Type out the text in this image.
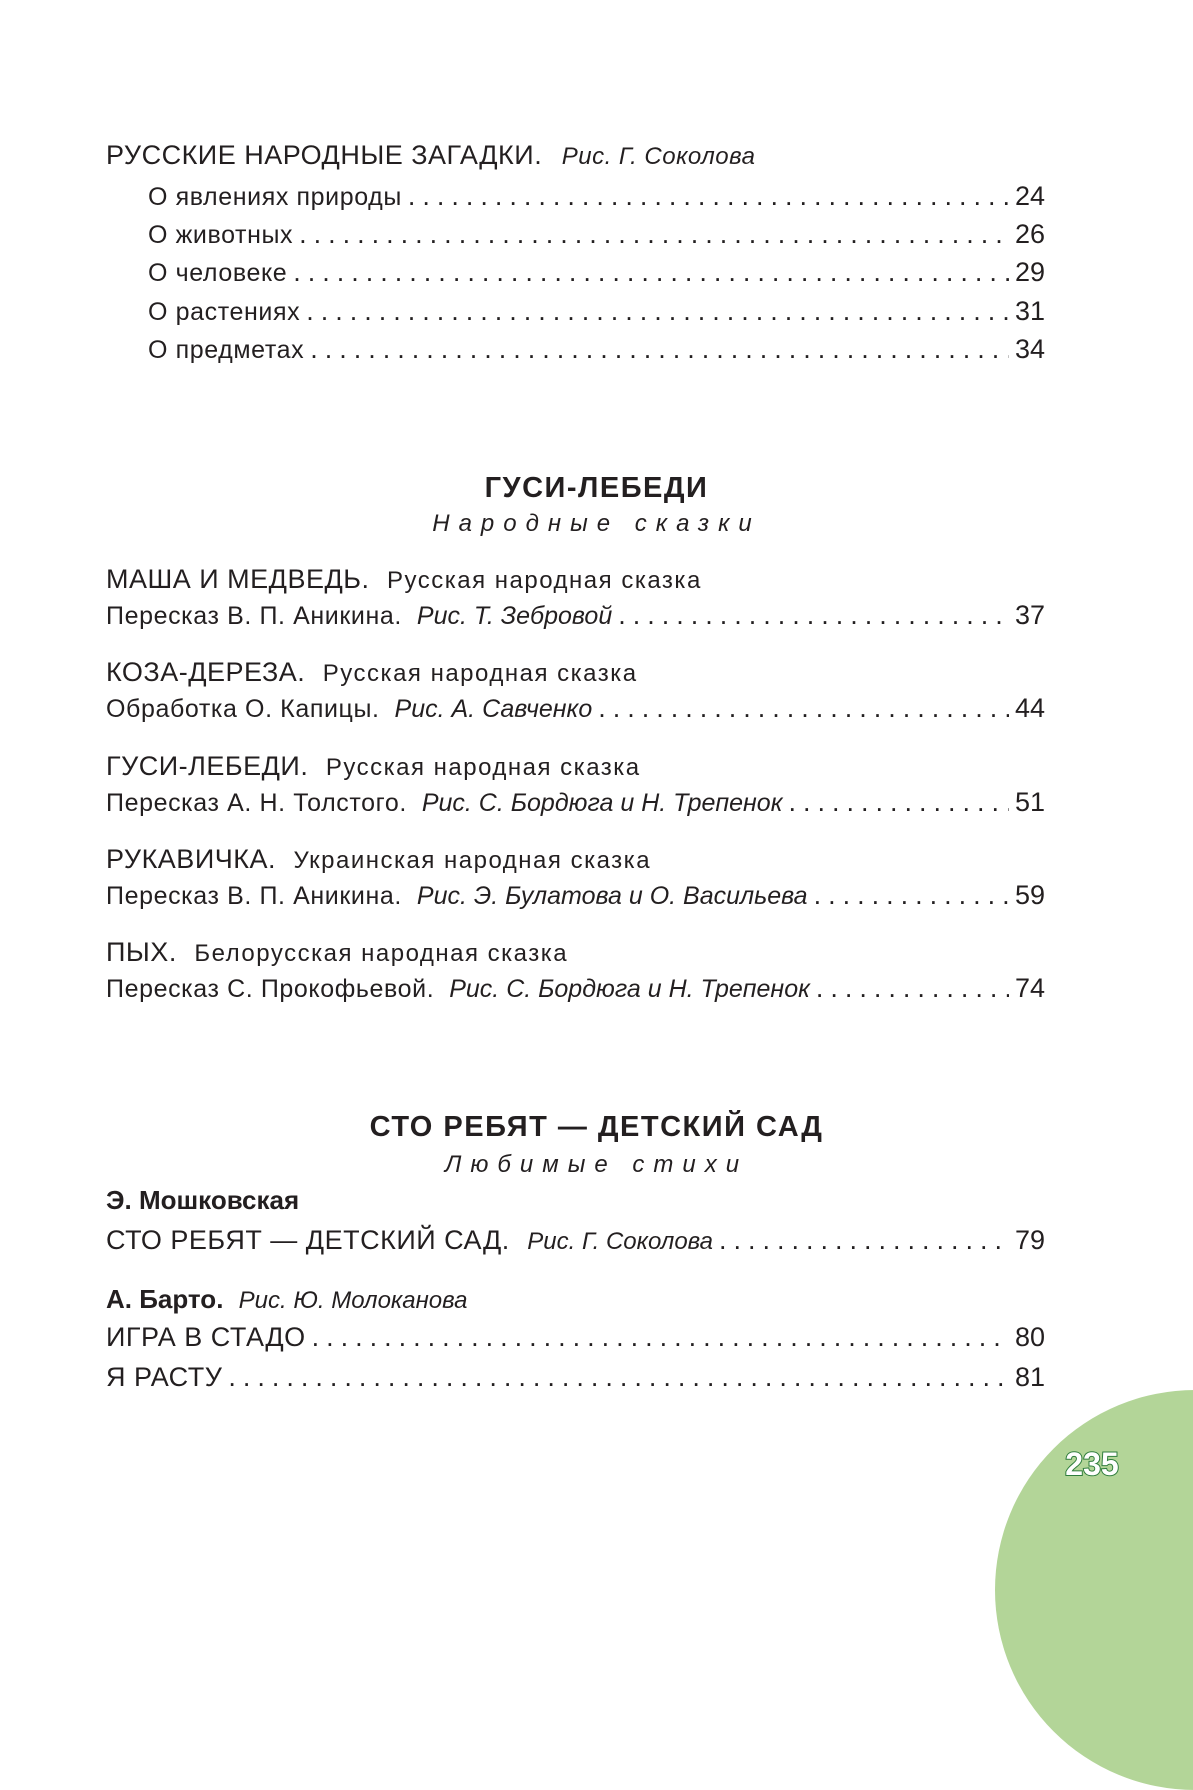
РУССКИЕ НАРОДНЫЕ ЗАГАДКИ. Рис. Г. Соколова
О явлениях природы .....	24
О животных .....	26
О человеке .....	29
О растениях .....	31
О предметах .....	34
ГУСИ-ЛЕБЕДИ
Народные сказки
МАША И МЕДВЕДЬ. Русская народная сказка
Пересказ В. П. Аникина. Рис. Т. Зебровой .....	37
КОЗА-ДЕРЕЗА. Русская народная сказка
Обработка О. Капицы. Рис. А. Савченко .....	44
ГУСИ-ЛЕБЕДИ. Русская народная сказка
Пересказ А. Н. Толстого. Рис. С. Бордюга и Н. Трепенок .....	51
РУКАВИЧКА. Украинская народная сказка
Пересказ В. П. Аникина. Рис. Э. Булатова и О. Васильева .....	59
ПЫХ. Белорусская народная сказка
Пересказ С. Прокофьевой. Рис. С. Бордюга и Н. Трепенок .....	74
СТО РЕБЯТ — ДЕТСКИЙ САД
Любимые стихи
Э. Мошковская
СТО РЕБЯТ — ДЕТСКИЙ САД. Рис. Г. Соколова .....	79
А. Барто. Рис. Ю. Молоканова
ИГРА В СТАДО .....	80
Я РАСТУ .....	81
235
